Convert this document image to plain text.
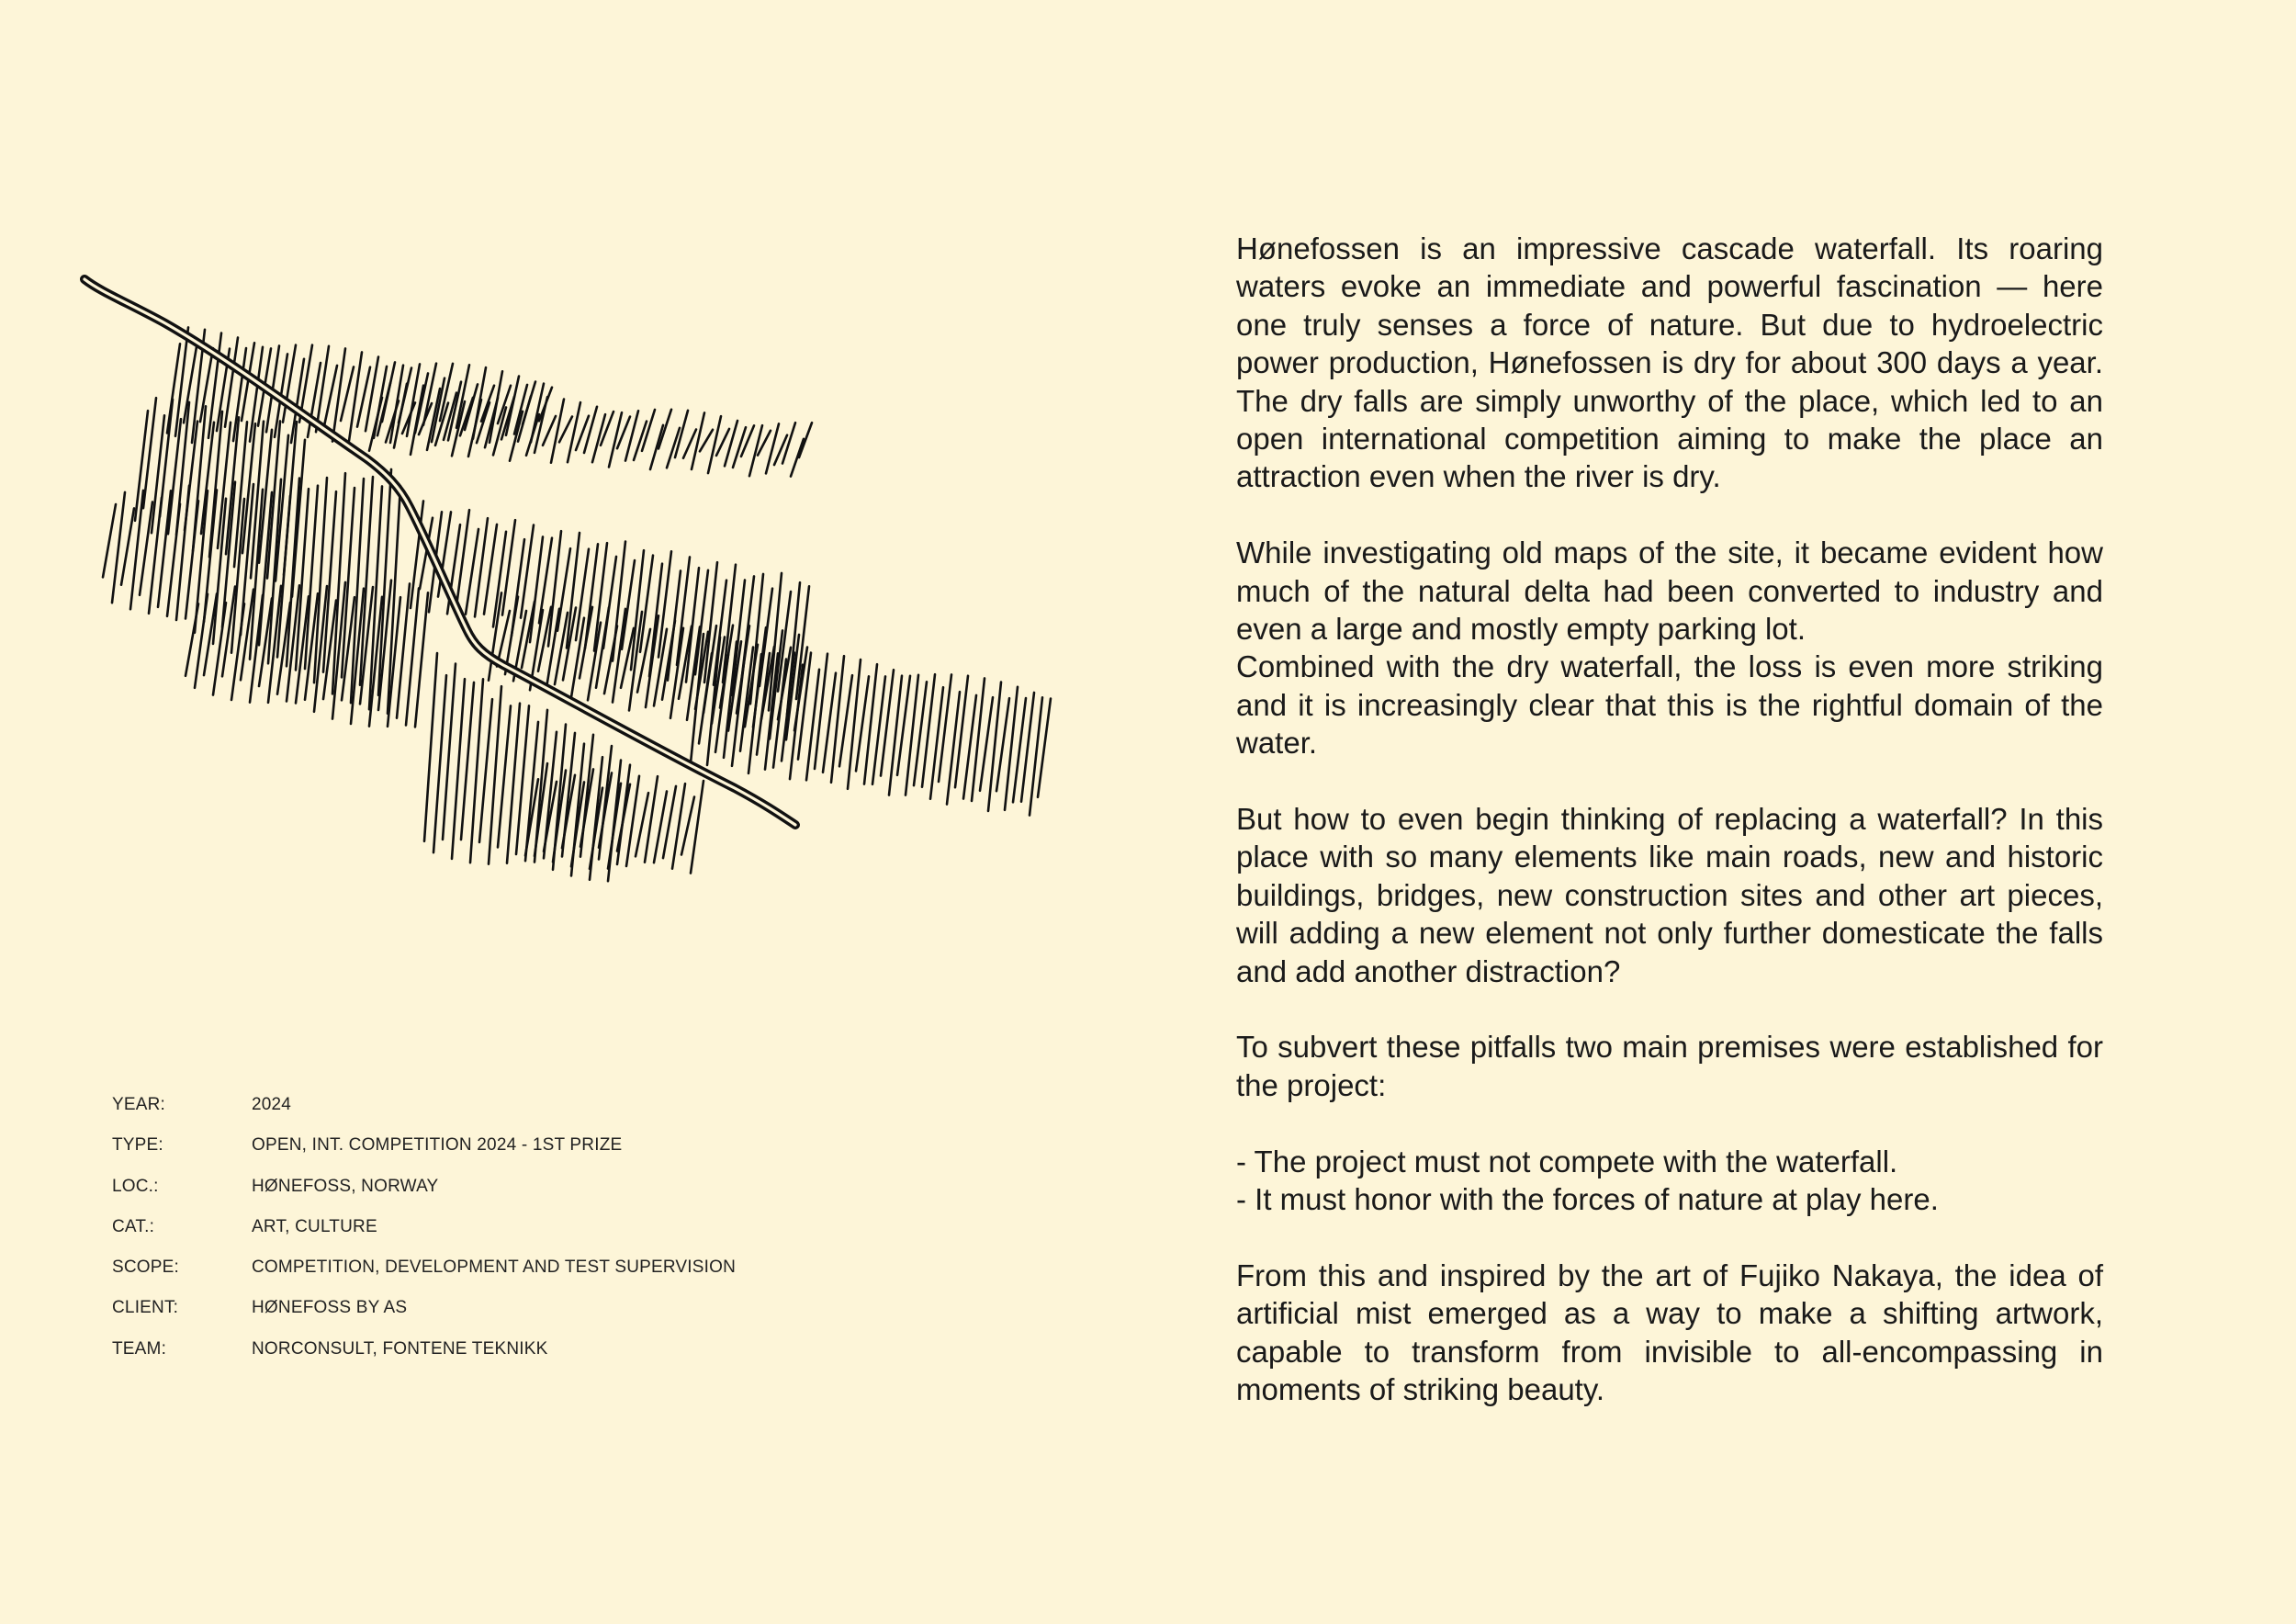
YEAR:	2024
TYPE:	OPEN, INT. COMPETITION 2024 - 1ST PRIZE
LOC.:	HØNEFOSS, NORWAY
CAT.:	ART, CULTURE
SCOPE:	COMPETITION, DEVELOPMENT AND TEST SUPERVISION
CLIENT:	HØNEFOSS BY AS
TEAM:	NORCONSULT, FONTENE TEKNIKK

Hønefossen is an impressive cascade waterfall. Its roaring waters evoke an immediate and powerful fascination — here one truly senses a force of nature. But due to hydroelectric power production, Hønefossen is dry for about 300 days a year. The dry falls are simply unworthy of the place, which led to an open international competition aiming to make the place an attraction even when the river is dry.

While investigating old maps of the site, it became evident how much of the natural delta had been converted to industry and even a large and mostly empty parking lot.
Combined with the dry waterfall, the loss is even more striking and it is increasingly clear that this is the rightful domain of the water.

But how to even begin thinking of replacing a waterfall? In this place with so many elements like main roads, new and historic buildings, bridges, new construction sites and other art pieces, will adding a new element not only further domesticate the falls and add another distraction?

To subvert these pitfalls two main premises were established for the project:

- The project must not compete with the waterfall.
- It must honor with the forces of nature at play here.

From this and inspired by the art of Fujiko Nakaya, the idea of artificial mist emerged as a way to make a shifting artwork, capable to transform from invisible to all-encompassing in moments of striking beauty.
